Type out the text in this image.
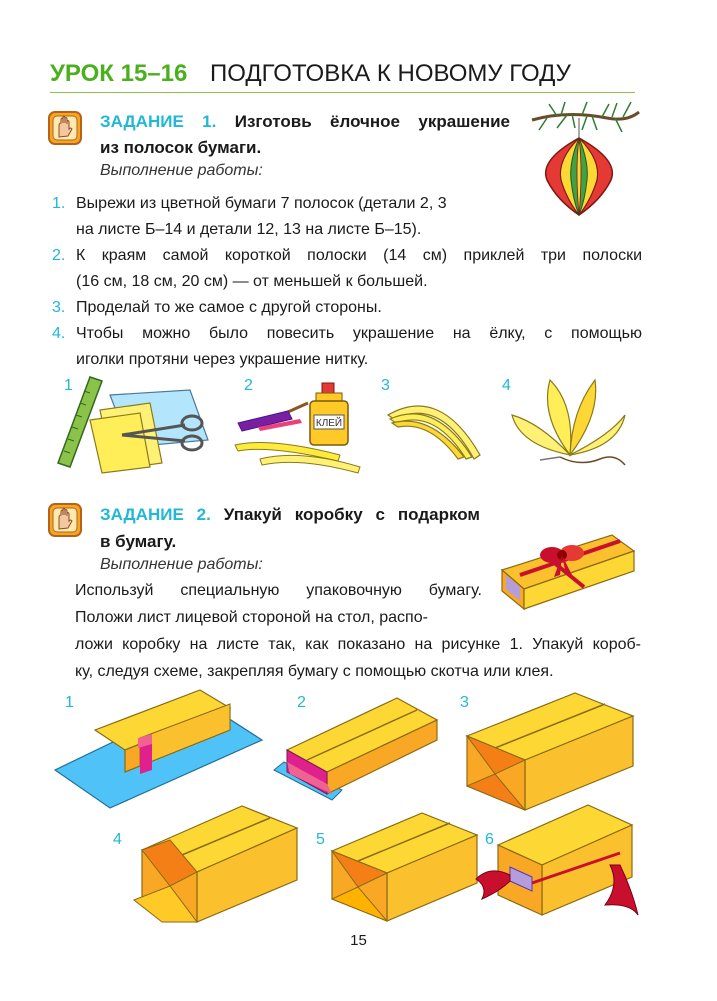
УРОК 15–16 ПОДГОТОВКА К НОВОМУ ГОДУ
ЗАДАНИЕ 1. Изготовь ёлочное украшение
из полосок бумаги.
Выполнение работы:
1. Вырежи из цветной бумаги 7 полосок (детали 2, 3
на листе Б–14 и детали 12, 13 на листе Б–15).
2. К краям самой короткой полоски (14 см) приклей три полоски
(16 см, 18 см, 20 см) — от меньшей к большей.
3. Проделай то же самое с другой стороны.
4. Чтобы можно было повесить украшение на ёлку, с помощью
иголки протяни через украшение нитку.
1	2
КЛЕЙ
3	4
ЗАДАНИЕ 2. Упакуй коробку с подарком
в бумагу.
Выполнение работы:
Используй специальную упаковочную бумагу.
Положи лист лицевой стороной на стол, распо-
ложи коробку на листе так, как показано на рисунке 1. Упакуй короб-
ку, следуя схеме, закрепляя бумагу с помощью скотча или клея.
1	2	3
4	5	6
15
